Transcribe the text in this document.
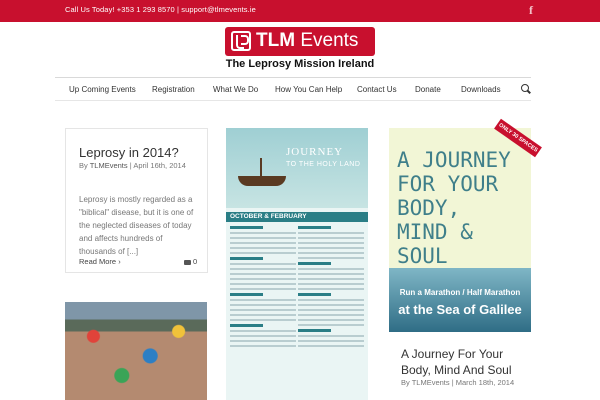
Call Us Today! +353 1 293 8570 | support@tlmevents.ie	f
TLM Events
The Leprosy Mission Ireland
Up Coming Events Registration What We Do How You Can Help Contact Us Donate	Downloads
Leprosy in 2014?
By TLMEvents | April 16th, 2014
Leprosy is mostly regarded as a "biblical" disease, but it is one of the neglected diseases of today and affects hundreds of thousands of [...]
Read More ›	0
JOURNEY
TO THE HOLY LAND
OCTOBER & FEBRUARY
ONLY 30 SPACES
A JOURNEY FOR YOUR BODY, MIND & SOUL
Run a Marathon / Half Marathon
at the Sea of Galilee
A Journey For Your Body, Mind And Soul
By TLMEvents | March 18th, 2014
